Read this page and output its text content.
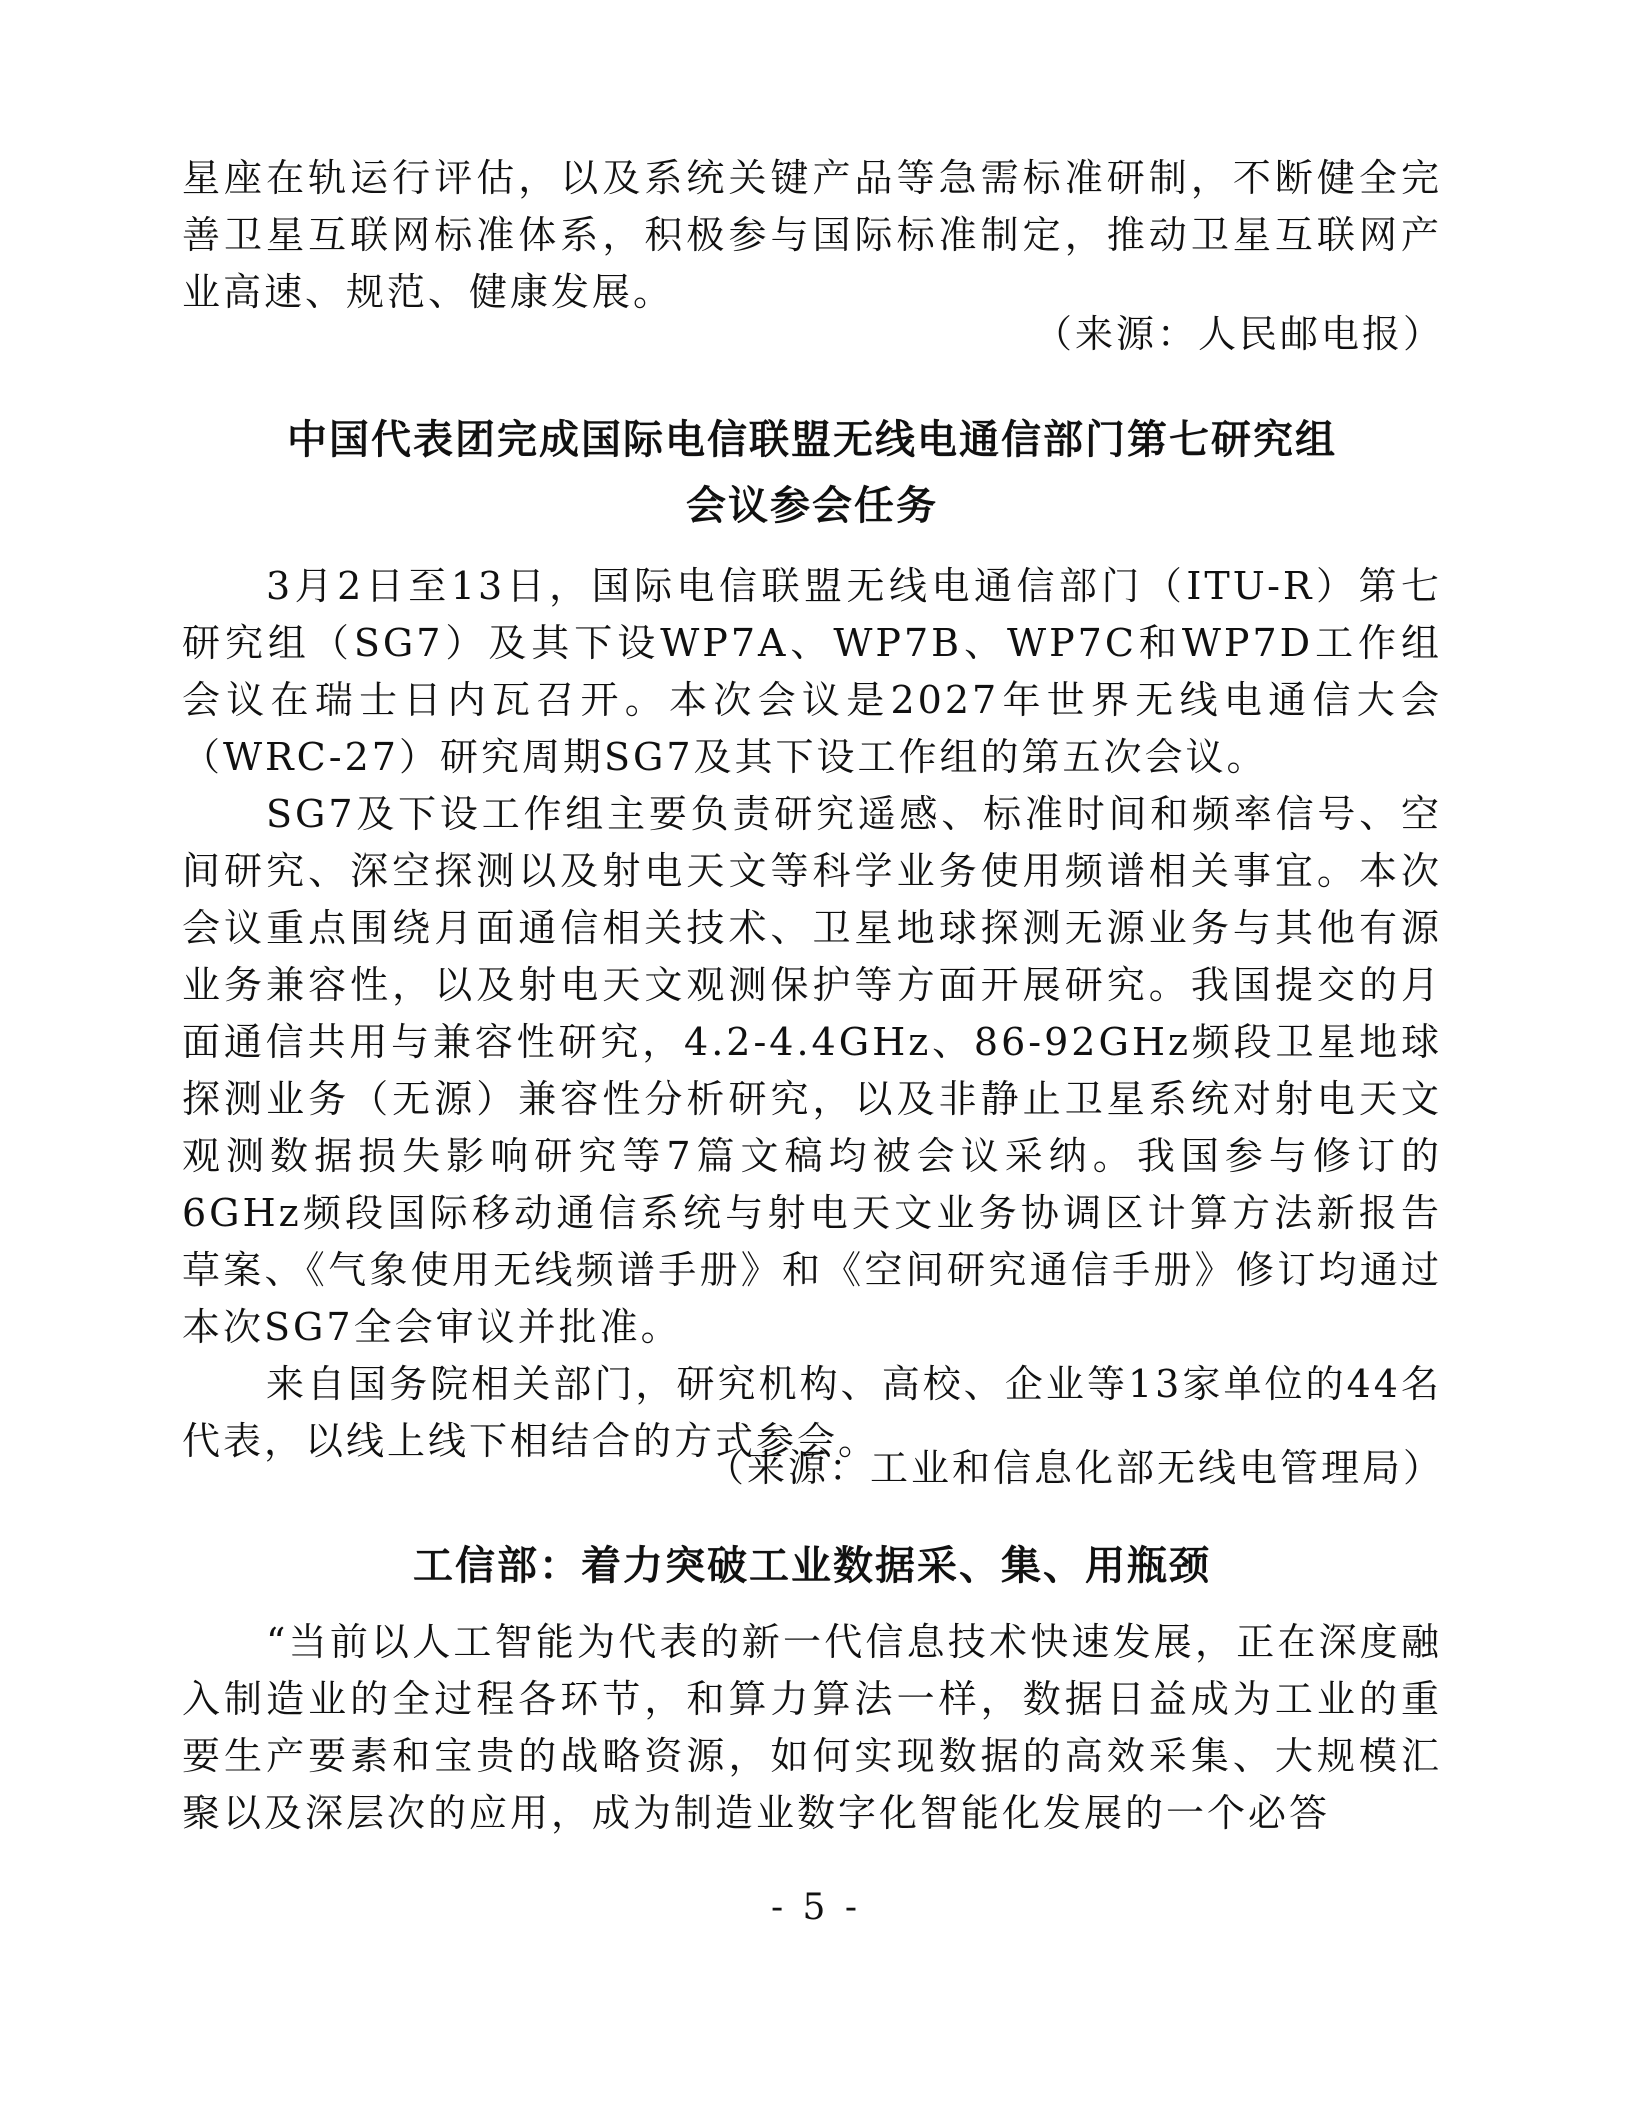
星座在轨运行评估，以及系统关键产品等急需标准研制，不断健全完善卫星互联网标准体系，积极参与国际标准制定，推动卫星互联网产业高速、规范、健康发展。

（来源：人民邮电报）

中国代表团完成国际电信联盟无线电通信部门第七研究组
会议参会任务

3月2日至13日，国际电信联盟无线电通信部门（ITU-R）第七研究组（SG7）及其下设WP7A、WP7B、WP7C和WP7D工作组会议在瑞士日内瓦召开。本次会议是2027年世界无线电通信大会（WRC-27）研究周期SG7及其下设工作组的第五次会议。

SG7及下设工作组主要负责研究遥感、标准时间和频率信号、空间研究、深空探测以及射电天文等科学业务使用频谱相关事宜。本次会议重点围绕月面通信相关技术、卫星地球探测无源业务与其他有源业务兼容性，以及射电天文观测保护等方面开展研究。我国提交的月面通信共用与兼容性研究，4.2-4.4GHz、86-92GHz频段卫星地球探测业务（无源）兼容性分析研究，以及非静止卫星系统对射电天文观测数据损失影响研究等7篇文稿均被会议采纳。我国参与修订的6GHz频段国际移动通信系统与射电天文业务协调区计算方法新报告草案、《气象使用无线频谱手册》和《空间研究通信手册》修订均通过本次SG7全会审议并批准。

来自国务院相关部门，研究机构、高校、企业等13家单位的44名代表，以线上线下相结合的方式参会。

（来源：工业和信息化部无线电管理局）

工信部：着力突破工业数据采、集、用瓶颈

“当前以人工智能为代表的新一代信息技术快速发展，正在深度融入制造业的全过程各环节，和算力算法一样，数据日益成为工业的重要生产要素和宝贵的战略资源，如何实现数据的高效采集、大规模汇聚以及深层次的应用，成为制造业数字化智能化发展的一个必答

- 5 -
